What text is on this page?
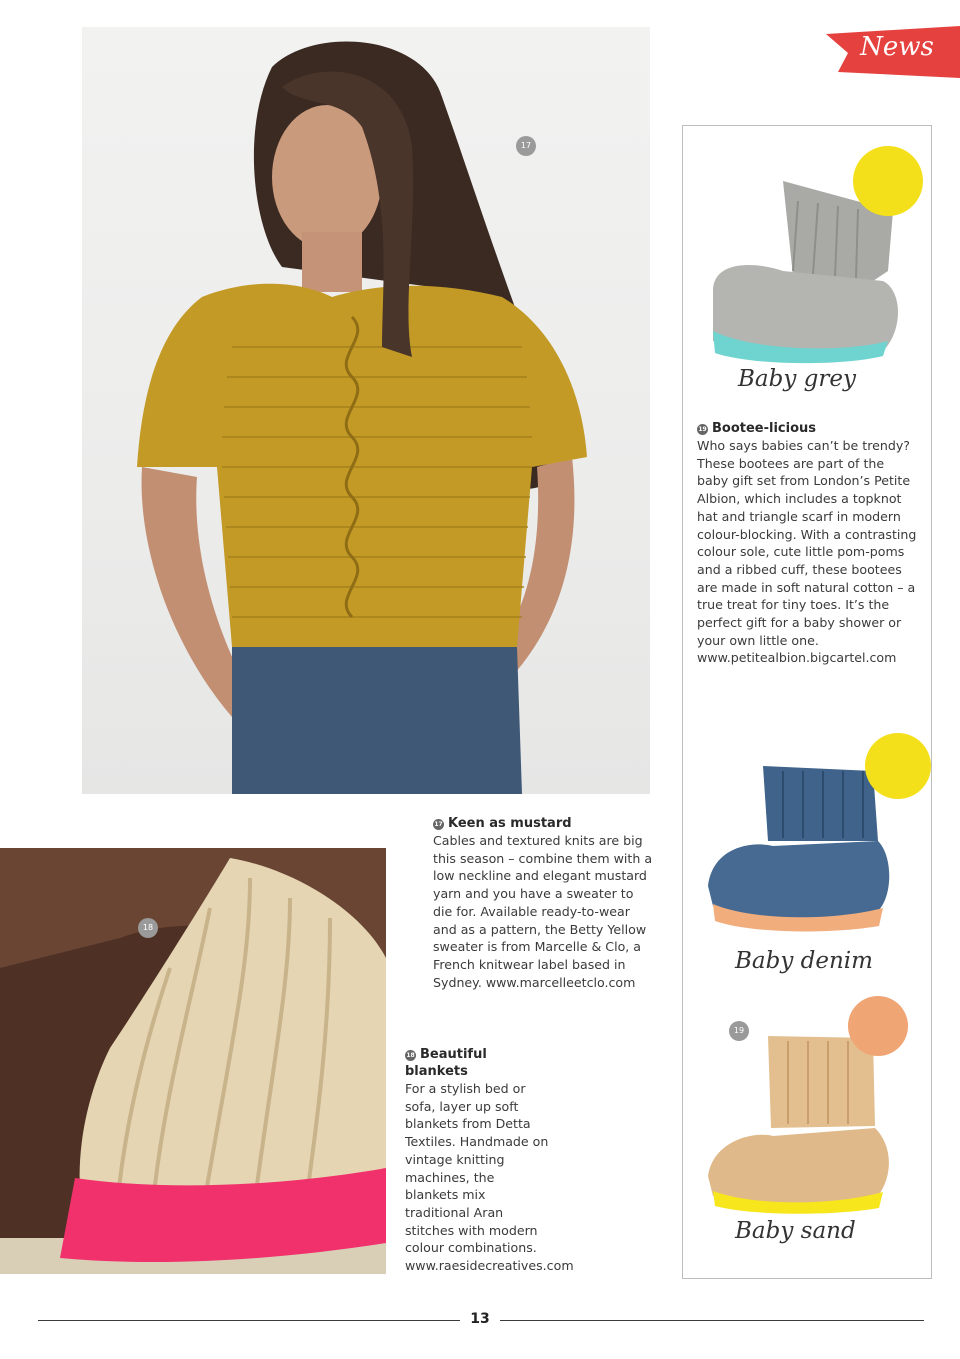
News
17
18
Baby grey
19 Bootee-licious

Who says babies can’t be trendy? These bootees are part of the baby gift set from London’s Petite Albion, which includes a topknot hat and triangle scarf in modern colour-blocking. With a contrasting colour sole, cute little pom-poms and a ribbed cuff, these bootees are made in soft natural cotton – a true treat for tiny toes. It’s the perfect gift for a baby shower or your own little one. www.petitealbion.bigcartel.com

Baby denim
19
Baby sand
17 Keen as mustard

Cables and textured knits are big this season – combine them with a low neckline and elegant mustard yarn and you have a sweater to die for. Available ready-to-wear and as a pattern, the Betty Yellow sweater is from Marcelle & Clo, a French knitwear label based in Sydney. www.marcelleetclo.com

18 Beautiful blankets

For a stylish bed or sofa, layer up soft blankets from Detta Textiles. Handmade on vintage knitting machines, the blankets mix traditional Aran stitches with modern colour combinations. www.raesidecreatives.com

13
